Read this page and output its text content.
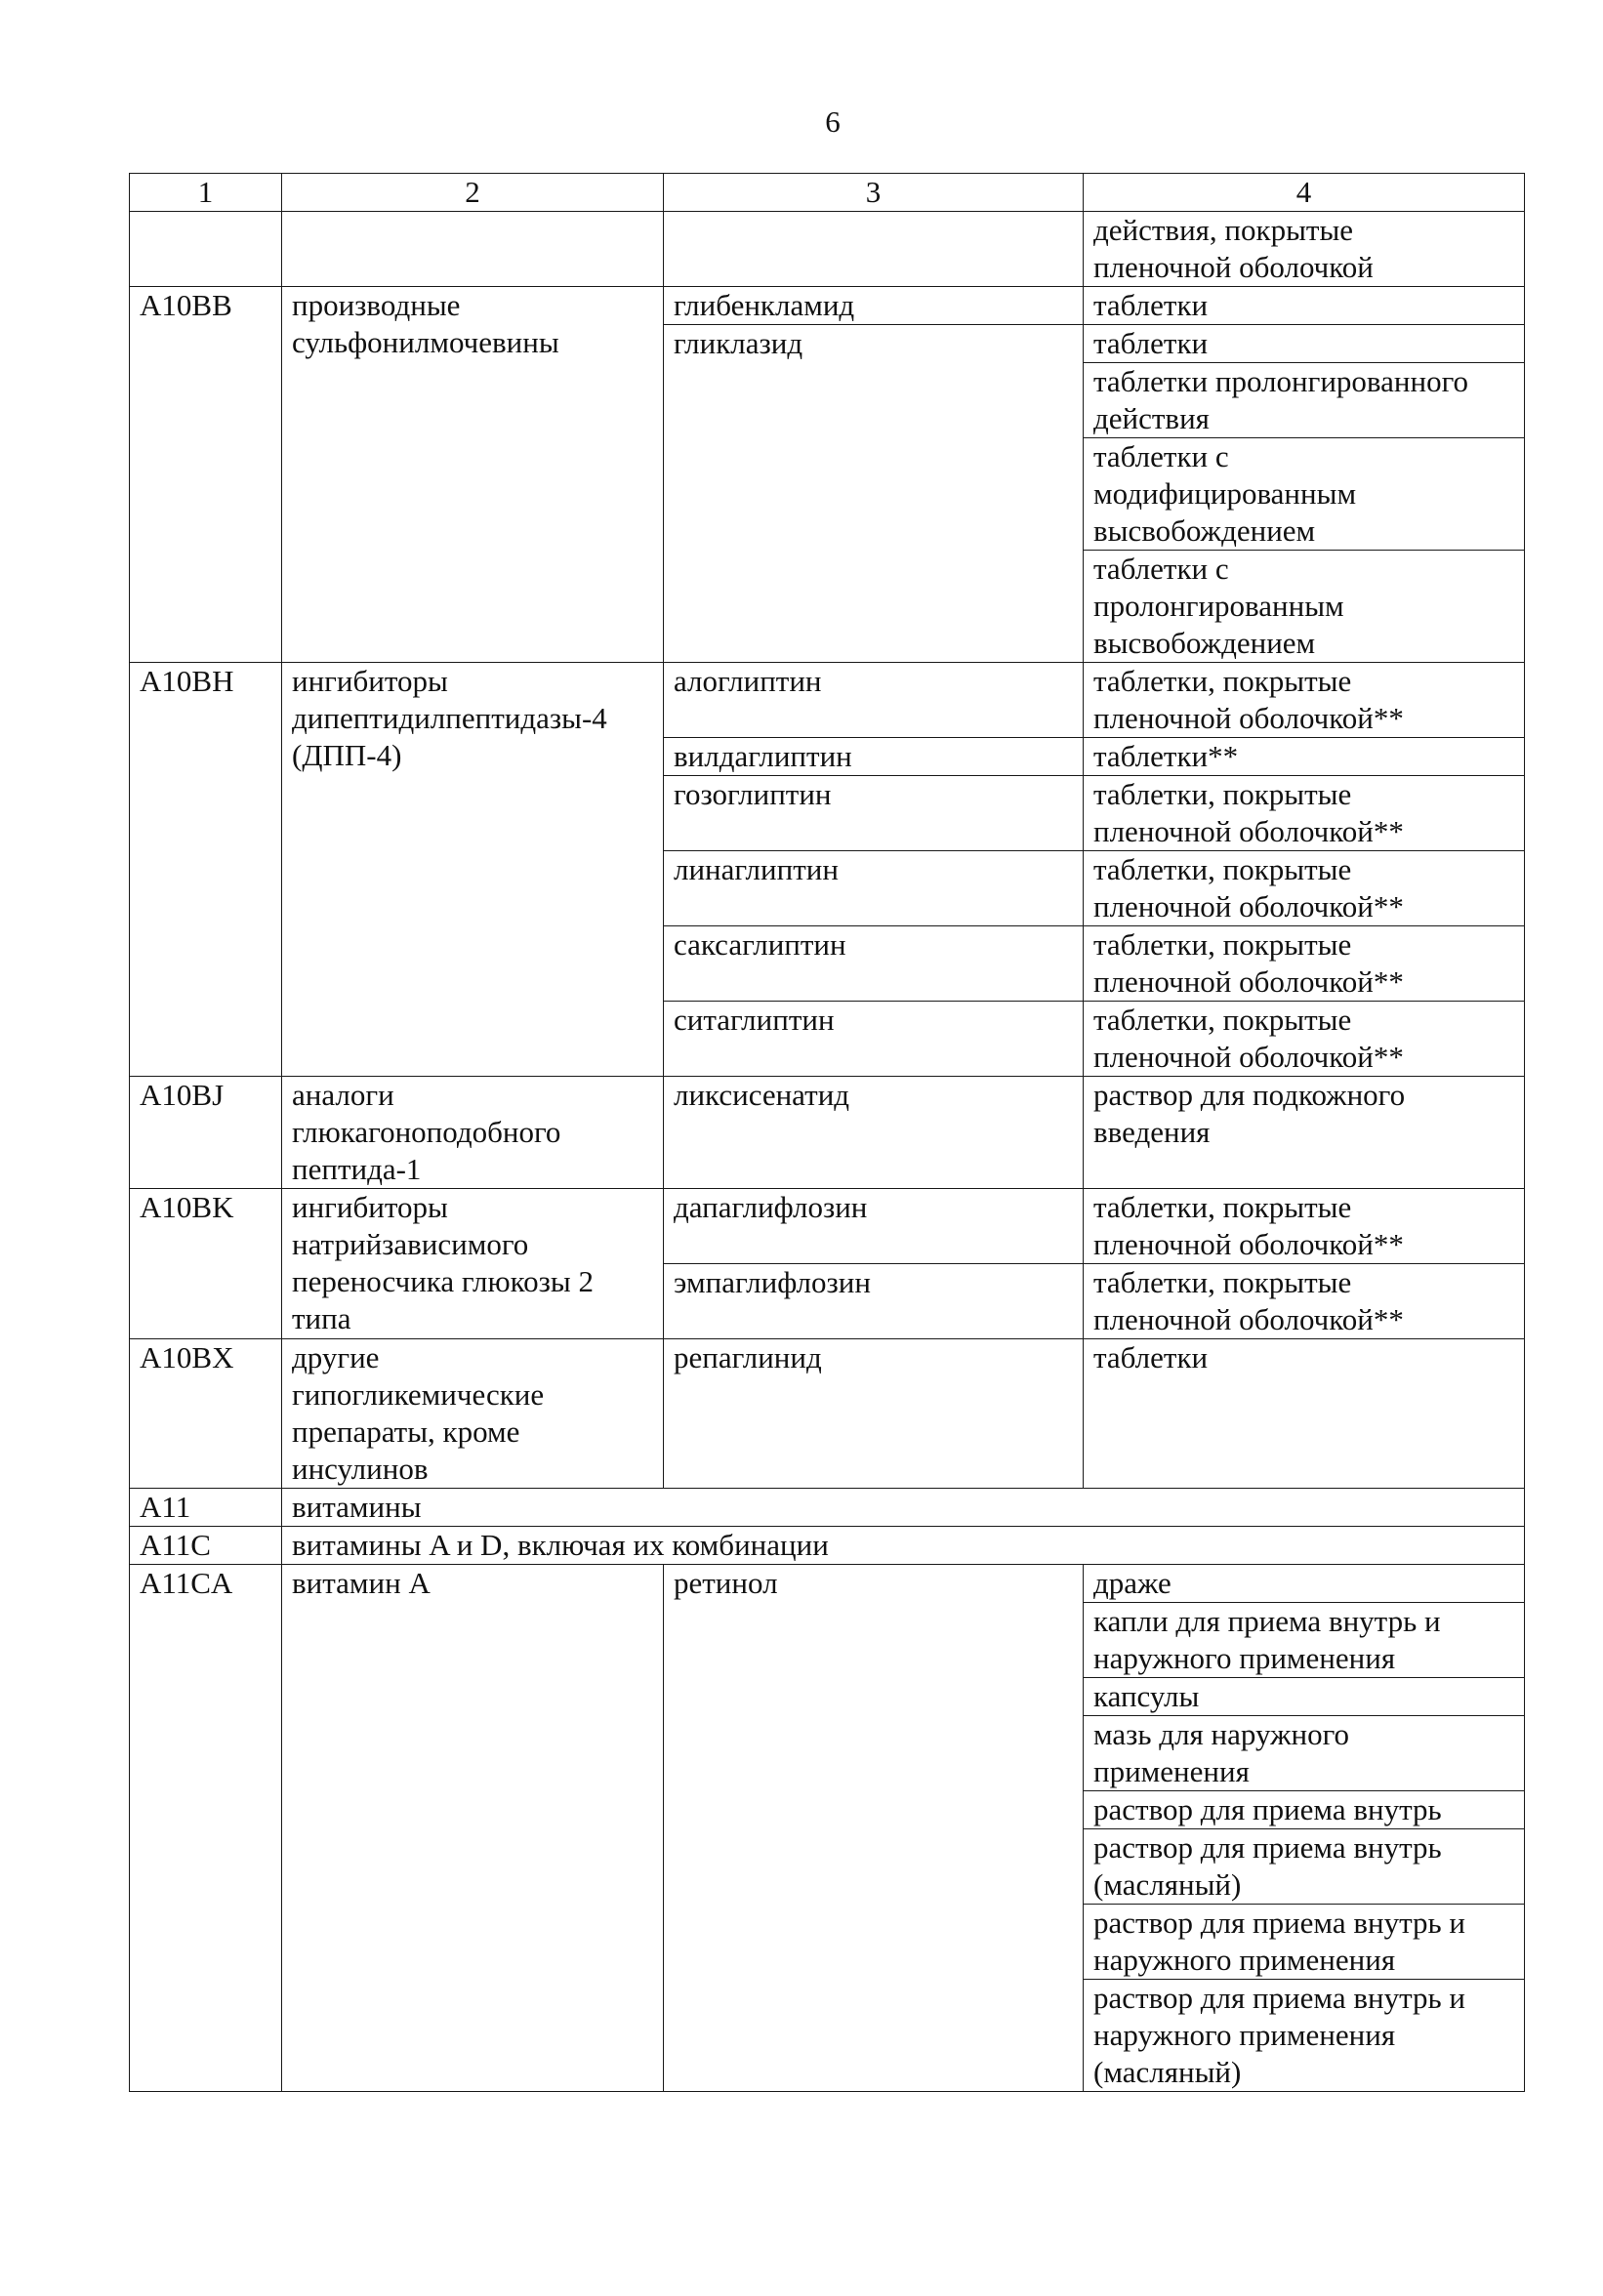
6
1	2	3	4

			действия, покрытые
пленочной оболочкой

A10BB	производные
сульфонилмочевины	глибенкламид	таблетки
		гликлазид	таблетки

			таблетки пролонгированного
действия

			таблетки с
модифицированным
высвобождением

			таблетки с
пролонгированным
высвобождением

A10BH	ингибиторы
дипептидилпептидазы-4
(ДПП-4)	алоглиптин	таблетки, покрытые
пленочной оболочкой**

		вилдаглиптин	таблетки**

		гозоглиптин	таблетки, покрытые
пленочной оболочкой**

		линаглиптин	таблетки, покрытые
пленочной оболочкой**

		саксаглиптин	таблетки, покрытые
пленочной оболочкой**

		ситаглиптин	таблетки, покрытые
пленочной оболочкой**

A10BJ	аналоги
глюкагоноподобного
пептида-1	ликсисенатид	раствор для подкожного
введения

A10BK	ингибиторы
натрийзависимого
переносчика глюкозы 2
типа	дапаглифлозин	таблетки, покрытые
пленочной оболочкой**

		эмпаглифлозин	таблетки, покрытые
пленочной оболочкой**

A10BX	другие
гипогликемические
препараты, кроме
инсулинов	репаглинид	таблетки
A11	витамины		
A11C	витамины A и D, включая их комбинации		
A11CA	витамин A	ретинол	драже

			капли для приема внутрь и
наружного применения

			капсулы

			мазь для наружного
применения

			раствор для приема внутрь

			раствор для приема внутрь
(масляный)

			раствор для приема внутрь и
наружного применения

			раствор для приема внутрь и
наружного применения
(масляный)
